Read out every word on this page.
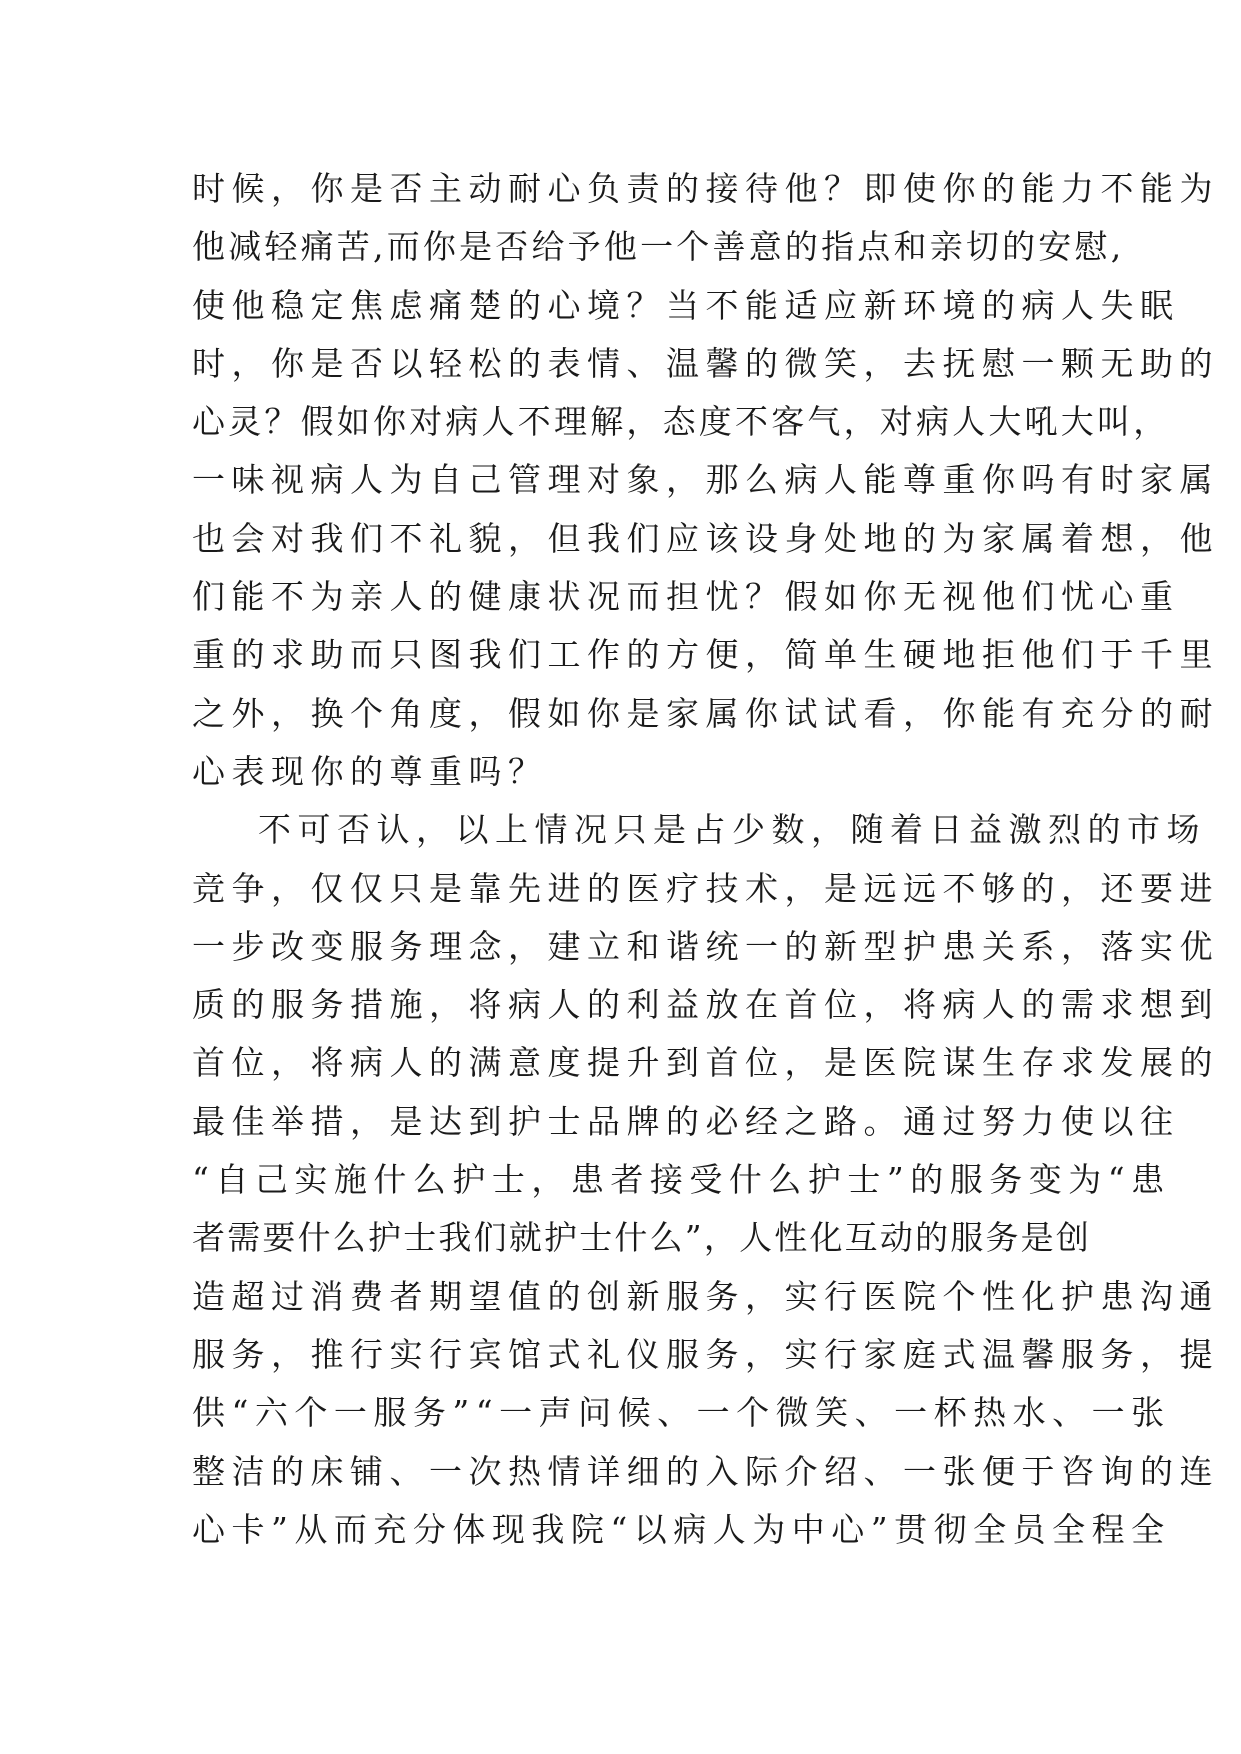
时候，你是否主动耐心负责的接待他？即使你的能力不能为
他减轻痛苦,而你是否给予他一个善意的指点和亲切的安慰,
使他稳定焦虑痛楚的心境？当不能适应新环境的病人失眠
时，你是否以轻松的表情、温馨的微笑，去抚慰一颗无助的
心灵？假如你对病人不理解，态度不客气，对病人大吼大叫，
一味视病人为自己管理对象，那么病人能尊重你吗有时家属
也会对我们不礼貌，但我们应该设身处地的为家属着想，他
们能不为亲人的健康状况而担忧？假如你无视他们忧心重
重的求助而只图我们工作的方便，简单生硬地拒他们于千里
之外，换个角度，假如你是家属你试试看，你能有充分的耐
心表现你的尊重吗？
不可否认，以上情况只是占少数，随着日益激烈的市场
竞争，仅仅只是靠先进的医疗技术，是远远不够的，还要进
一步改变服务理念，建立和谐统一的新型护患关系，落实优
质的服务措施，将病人的利益放在首位，将病人的需求想到
首位，将病人的满意度提升到首位，是医院谋生存求发展的
最佳举措，是达到护士品牌的必经之路。通过努力使以往
“自己实施什么护士，患者接受什么护士”的服务变为“患
者需要什么护士我们就护士什么”，人性化互动的服务是创
造超过消费者期望值的创新服务，实行医院个性化护患沟通
服务，推行实行宾馆式礼仪服务，实行家庭式温馨服务，提
供“六个一服务”“一声问候、一个微笑、一杯热水、一张
整洁的床铺、一次热情详细的入际介绍、一张便于咨询的连
心卡”从而充分体现我院“以病人为中心”贯彻全员全程全
